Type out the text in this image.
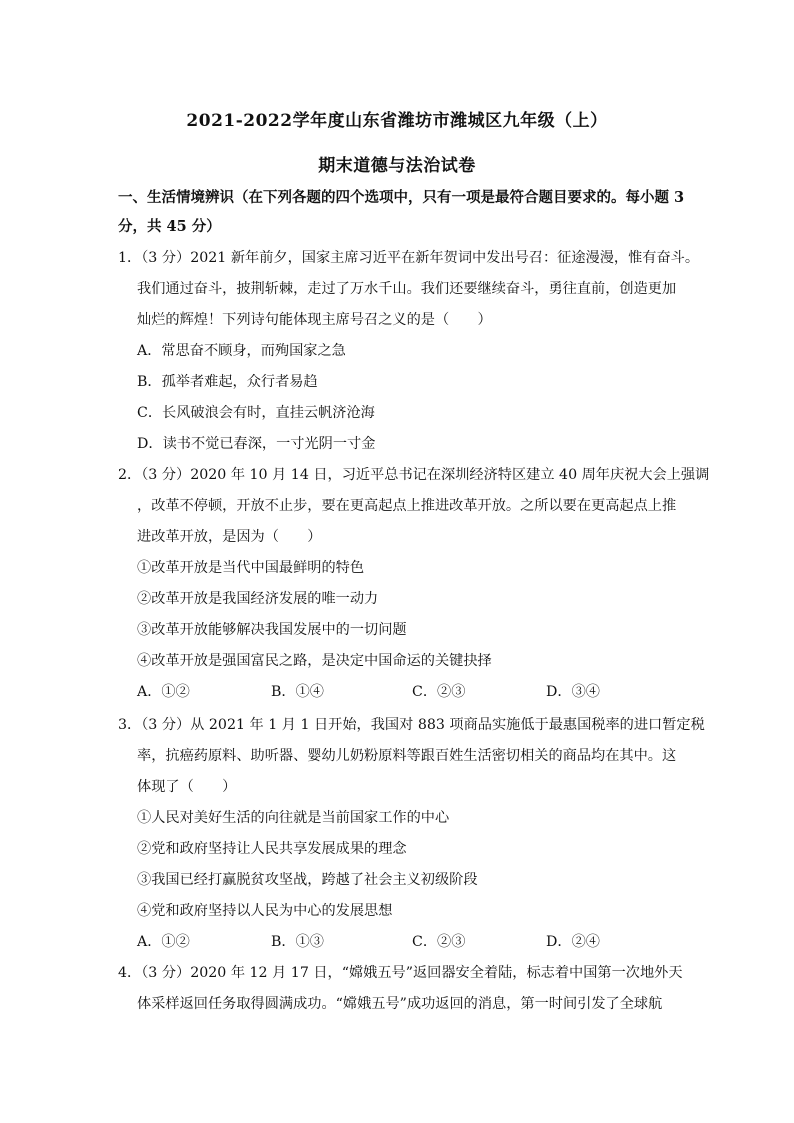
2021-2022学年度山东省潍坊市潍城区九年级（上）
期末道德与法治试卷
一、生活情境辨识（在下列各题的四个选项中，只有一项是最符合题目要求的。每小题 3
分，共 45 分）
1．（3 分）2021 新年前夕，国家主席习近平在新年贺词中发出号召：征途漫漫，惟有奋斗。
我们通过奋斗，披荆斩棘，走过了万水千山。我们还要继续奋斗，勇往直前，创造更加
灿烂的辉煌！下列诗句能体现主席号召之义的是（　　）
A．常思奋不顾身，而殉国家之急
B．孤举者难起，众行者易趋
C．长风破浪会有时，直挂云帆济沧海
D．读书不觉已春深，一寸光阴一寸金
2．（3 分）2020 年 10 月 14 日，习近平总书记在深圳经济特区建立 40 周年庆祝大会上强调
，改革不停顿，开放不止步，要在更高起点上推进改革开放。之所以要在更高起点上推
进改革开放，是因为（　　）
①改革开放是当代中国最鲜明的特色
②改革开放是我国经济发展的唯一动力
③改革开放能够解决我国发展中的一切问题
④改革开放是强国富民之路，是决定中国命运的关键抉择
A．①②	B．①④	C．②③	D．③④
3．（3 分）从 2021 年 1 月 1 日开始，我国对 883 项商品实施低于最惠国税率的进口暂定税
率，抗癌药原料、助听器、婴幼儿奶粉原料等跟百姓生活密切相关的商品均在其中。这
体现了（　　）
①人民对美好生活的向往就是当前国家工作的中心
②党和政府坚持让人民共享发展成果的理念
③我国已经打赢脱贫攻坚战，跨越了社会主义初级阶段
④党和政府坚持以人民为中心的发展思想
A．①②	B．①③	C．②③	D．②④
4．（3 分）2020 年 12 月 17 日，“嫦娥五号”返回器安全着陆，标志着中国第一次地外天
体采样返回任务取得圆满成功。“嫦娥五号”成功返回的消息，第一时间引发了全球航
